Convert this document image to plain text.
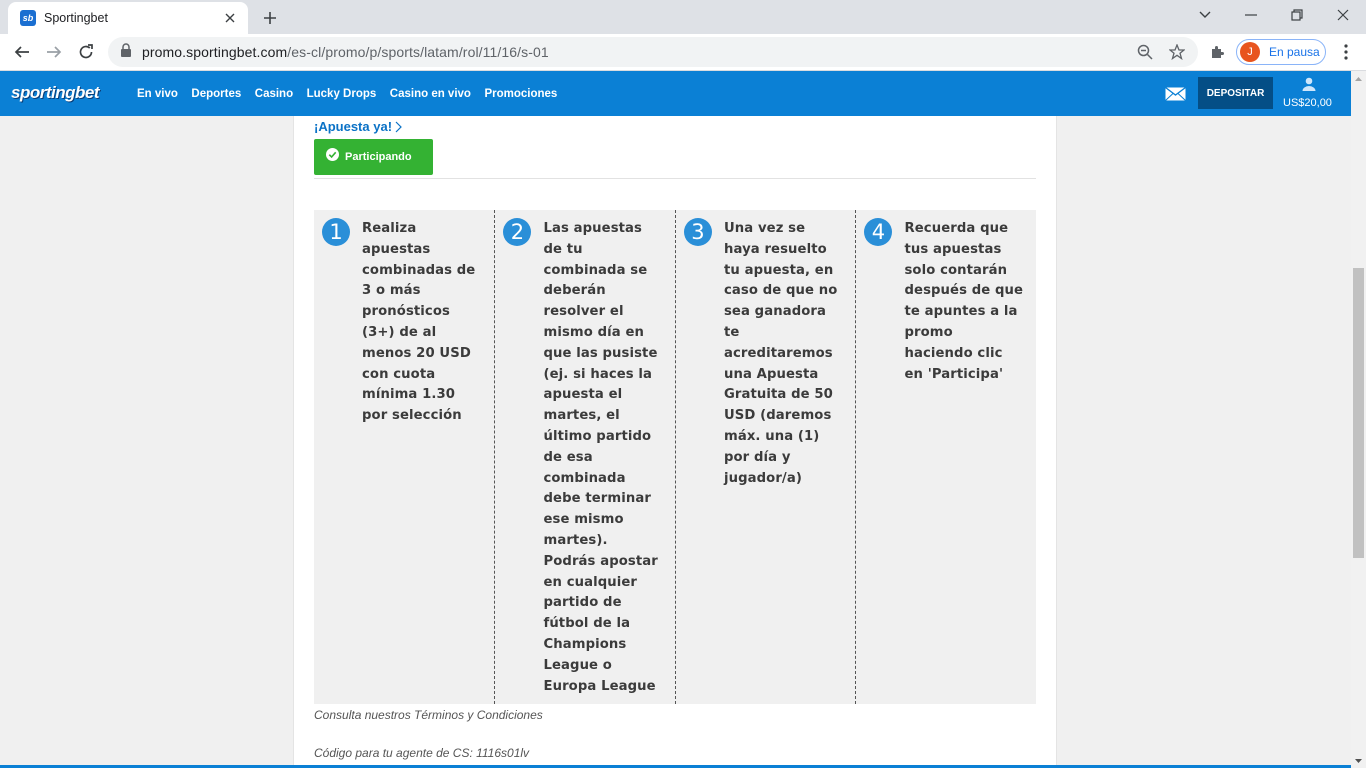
sb Sportingbet
promo.sportingbet.com/es-cl/promo/p/sports/latam/rol/11/16/s-01	J	En pausa
sportingbet	En vivo Deportes Casino Lucky Drops Casino en vivo Promociones	DEPOSITAR
US$20,00
¡Apuesta ya!
Participando
1	Realiza apuestas combinadas de 3 o más pronósticos (3+) de al menos 20 USD con cuota mínima 1.30 por selección
2	Las apuestas de tu combinada se deberán resolver el mismo día en que las pusiste (ej. si haces la apuesta el martes, el último partido de esa combinada debe terminar ese mismo martes). Podrás apostar en cualquier partido de fútbol de la Champions League o Europa League
3	Una vez se haya resuelto tu apuesta, en caso de que no sea ganadora te acreditaremos una Apuesta Gratuita de 50 USD (daremos máx. una (1) por día y jugador/a)
4	Recuerda que tus apuestas solo contarán después de que te apuntes a la promo haciendo clic en 'Participa'
Consulta nuestros Términos y Condiciones
Código para tu agente de CS: 1116s01lv
